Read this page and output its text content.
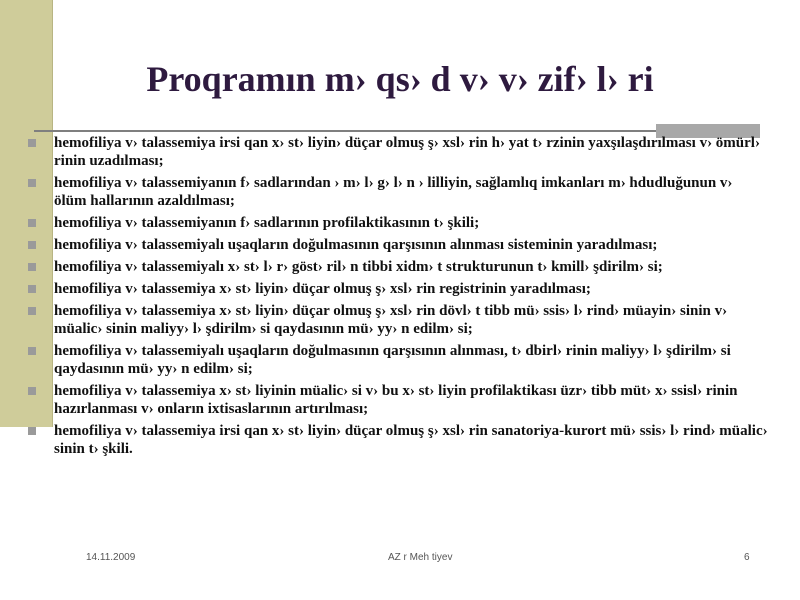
Proqramın m› qs› d v› v› zif› l› ri
hemofiliya v› talassemiya irsi qan x› st› liyin› düçar olmuş ş› xsl› rin h› yat t› rzinin yaxşılaşdırılması v› ömürl› rinin uzadılması;
hemofiliya v› talassemiyanın f› sadlarından › m› l› g› l› n › lilliyin, sağlamlıq imkanları m› hdudluğunun v› ölüm hallarının azaldılması;
hemofiliya v› talassemiyanın f› sadlarının profilaktikasının t› şkili;
hemofiliya v› talassemiyalı uşaqların doğulmasının qarşısının alınması sisteminin yaradılması;
hemofiliya v› talassemiyalı x› st› l› r› göst› ril› n tibbi xidm› t strukturunun t› kmill› şdirilm› si;
hemofiliya v› talassemiya x› st› liyin› düçar olmuş ş› xsl› rin registrinin yaradılması;
hemofiliya v› talassemiya x› st› liyin› düçar olmuş ş› xsl› rin dövl› t tibb mü› ssis› l› rind› müayin› sinin v› müalic› sinin maliyy› l› şdirilm› si qaydasının mü› yy› n edilm› si;
hemofiliya v› talassemiyalı uşaqların doğulmasının qarşısının alınması, t› dbirl› rinin maliyy› l› şdirilm› si qaydasının mü› yy› n edilm› si;
hemofiliya v› talassemiya x› st› liyinin müalic› si v› bu x› st› liyin profilaktikası üzr› tibb müt› x› ssisl› rinin hazırlanması v› onların ixtisaslarının artırılması;
hemofiliya v› talassemiya irsi qan x› st› liyin› düçar olmuş ş› xsl› rin sanatoriya-kurort mü› ssis› l› rind› müalic› sinin t› şkili.
14.11.2009	AZ r Meh tiyev	6
